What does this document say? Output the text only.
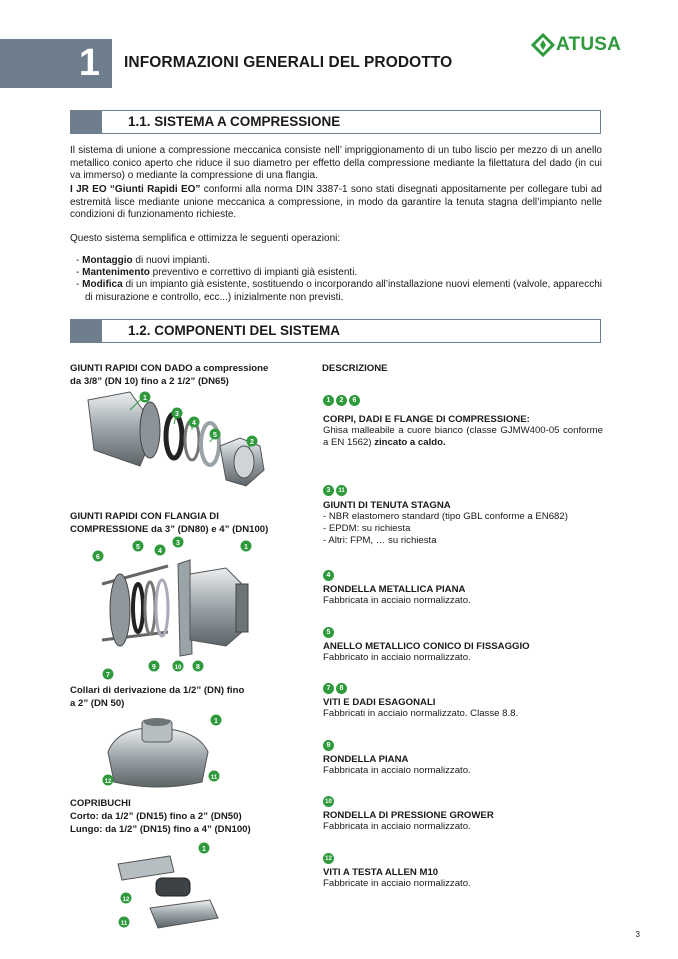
1	INFORMAZIONI GENERALI DEL PRODOTTO
ATUSA
1.1. SISTEMA A COMPRESSIONE
Il sistema di unione a compressione meccanica consiste nell’ impriggionamento di un tubo liscio per mezzo di un anello metallico conico aperto che riduce il suo diametro per effetto della compressione mediante la filettatura del dado (in cui va immerso) o mediante la compressione di una flangia.
I JR EO “Giunti Rapidi EO” conformi alla norma DIN 3387-1 sono stati disegnati appositamente per collegare tubi ad estremità lisce mediante unione meccanica a compressione, in modo da garantire la tenuta stagna dell’impianto nelle condizioni di funzionamento richieste.
Questo sistema semplifica e ottimizza le seguenti operazioni:
- Montaggio di nuovi impianti.
- Mantenimento preventivo e correttivo di impianti già esistenti.
- Modifica di un impianto già esistente, sostituendo o incorporando all’installazione nuovi elementi (valvole, apparecchi di misurazione e controllo, ecc...) inizialmente non previsti.
1.2. COMPONENTI DEL SISTEMA
GIUNTI RAPIDI CON DADO a compressione
da 3/8” (DN 10) fino a 2 1/2” (DN65)
GIUNTI RAPIDI CON FLANGIA DI
COMPRESSIONE da 3” (DN80) e 4” (DN100)
Collari di derivazione da 1/2” (DN) fino
a 2” (DN 50)
COPRIBUCHI
Corto: da 1/2” (DN15) fino a 2” (DN50)
Lungo: da 1/2” (DN15) fino a 4” (DN100)
1
3
4
5
2
6
5
4
3
1
7
9	10 8
1
12
11
1
12
11
DESCRIZIONE
1	2	6
CORPI, DADI E FLANGE DI COMPRESSIONE:
Ghisa malleabile a cuore bianco (classe GJMW400-05 conforme a EN 1562) zincato a caldo.
3	11
GIUNTI DI TENUTA STAGNA
- NBR elastomero standard (tipo GBL conforme a EN682)
- EPDM: su richiesta
- Altri: FPM, … su richiesta
4
RONDELLA METALLICA PIANA
Fabbricata in acciaio normalizzato.
5
ANELLO METALLICO CONICO DI FISSAGGIO
Fabbricato in acciaio normalizzato.
7	8
VITI E DADI ESAGONALI
Fabbricati in acciaio normalizzato. Classe 8.8.
9
RONDELLA PIANA
Fabbricata in acciaio normalizzato.
10
RONDELLA DI PRESSIONE GROWER
Fabbricata in acciaio normalizzato.
12
VITI A TESTA ALLEN M10
Fabbricate in acciaio normalizzato.
3
